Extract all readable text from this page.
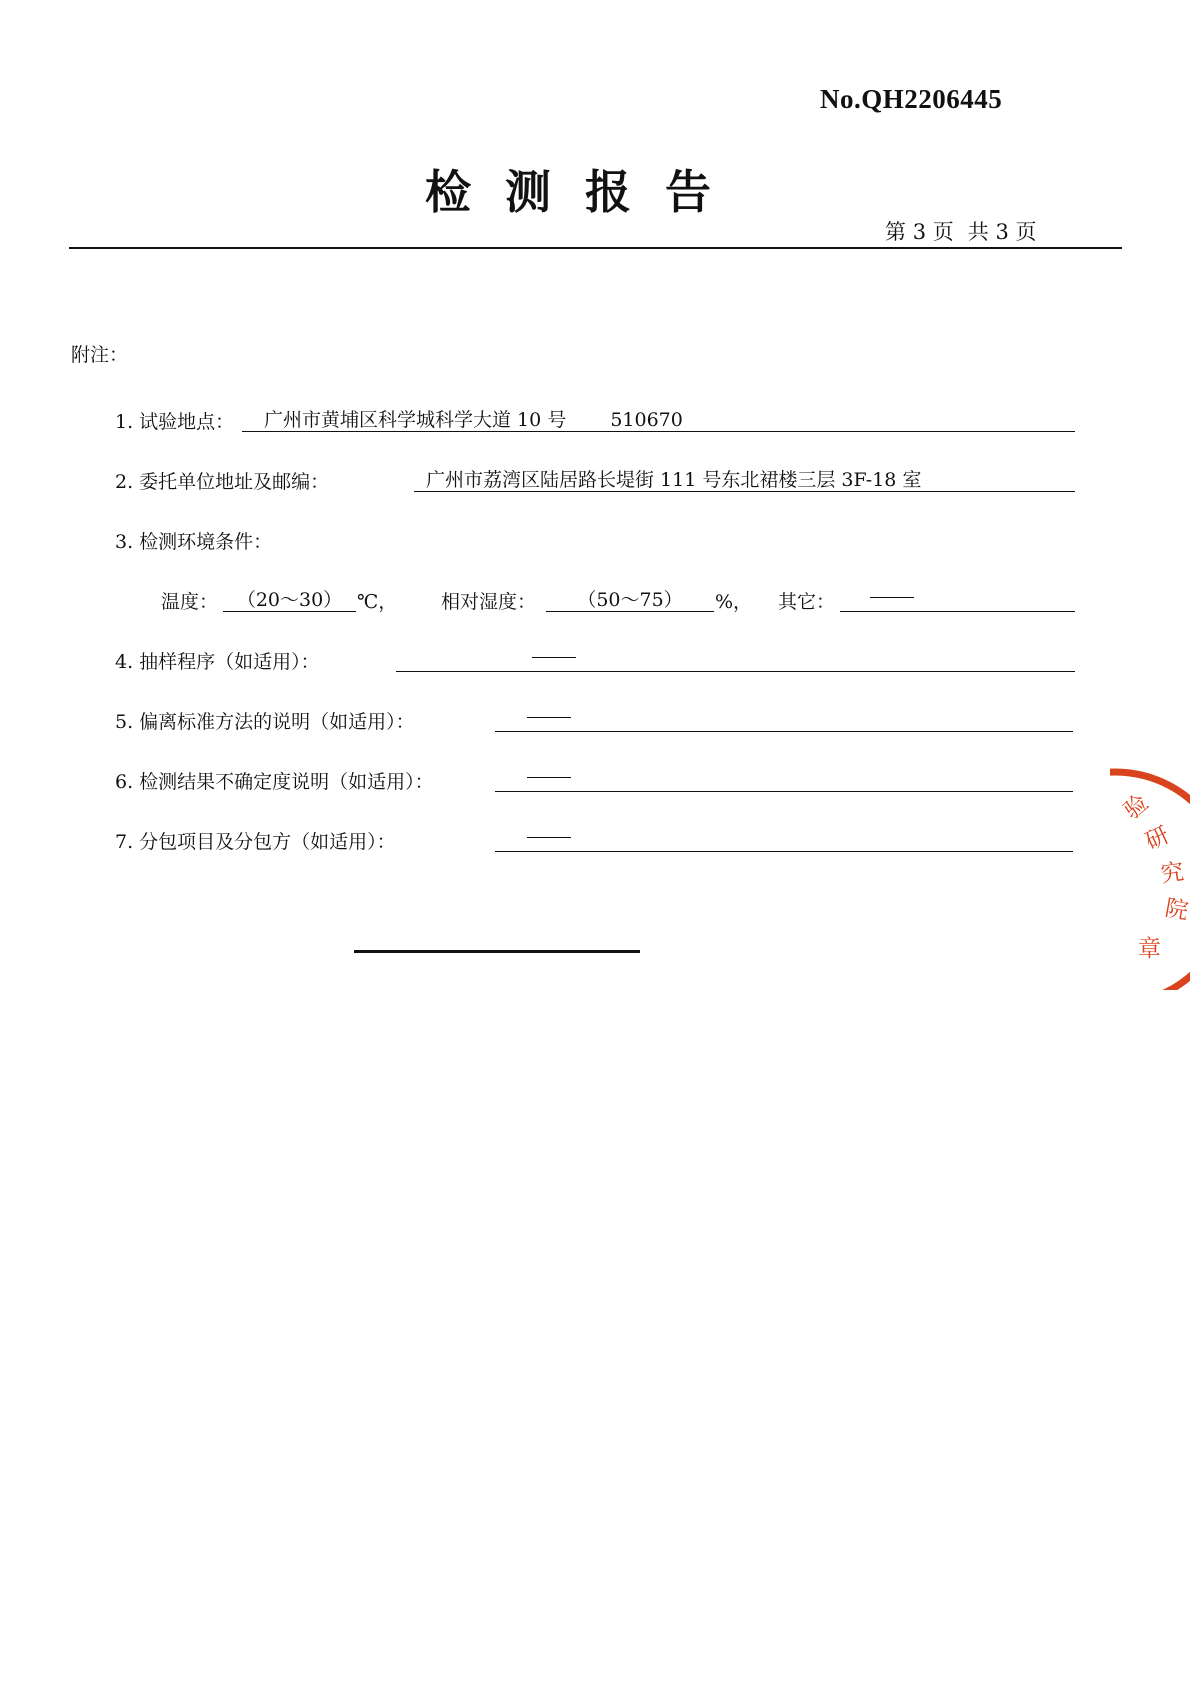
No.QH2206445
检 测 报 告
第 3 页 共 3 页
附注：
1. 试验地点：	广州市黄埔区科学城科学大道 10 号 510670
2. 委托单位地址及邮编：	广州市荔湾区陆居路长堤街 111 号东北裙楼三层 3F-18 室
3. 检测环境条件：
温度： （20～30） ℃， 相对湿度：	（50～75）	%， 其它：
4. 抽样程序（如适用）：
5. 偏离标准方法的说明（如适用）：
6. 检测结果不确定度说明（如适用）：
7. 分包项目及分包方（如适用）：
验
研
究
院
章
